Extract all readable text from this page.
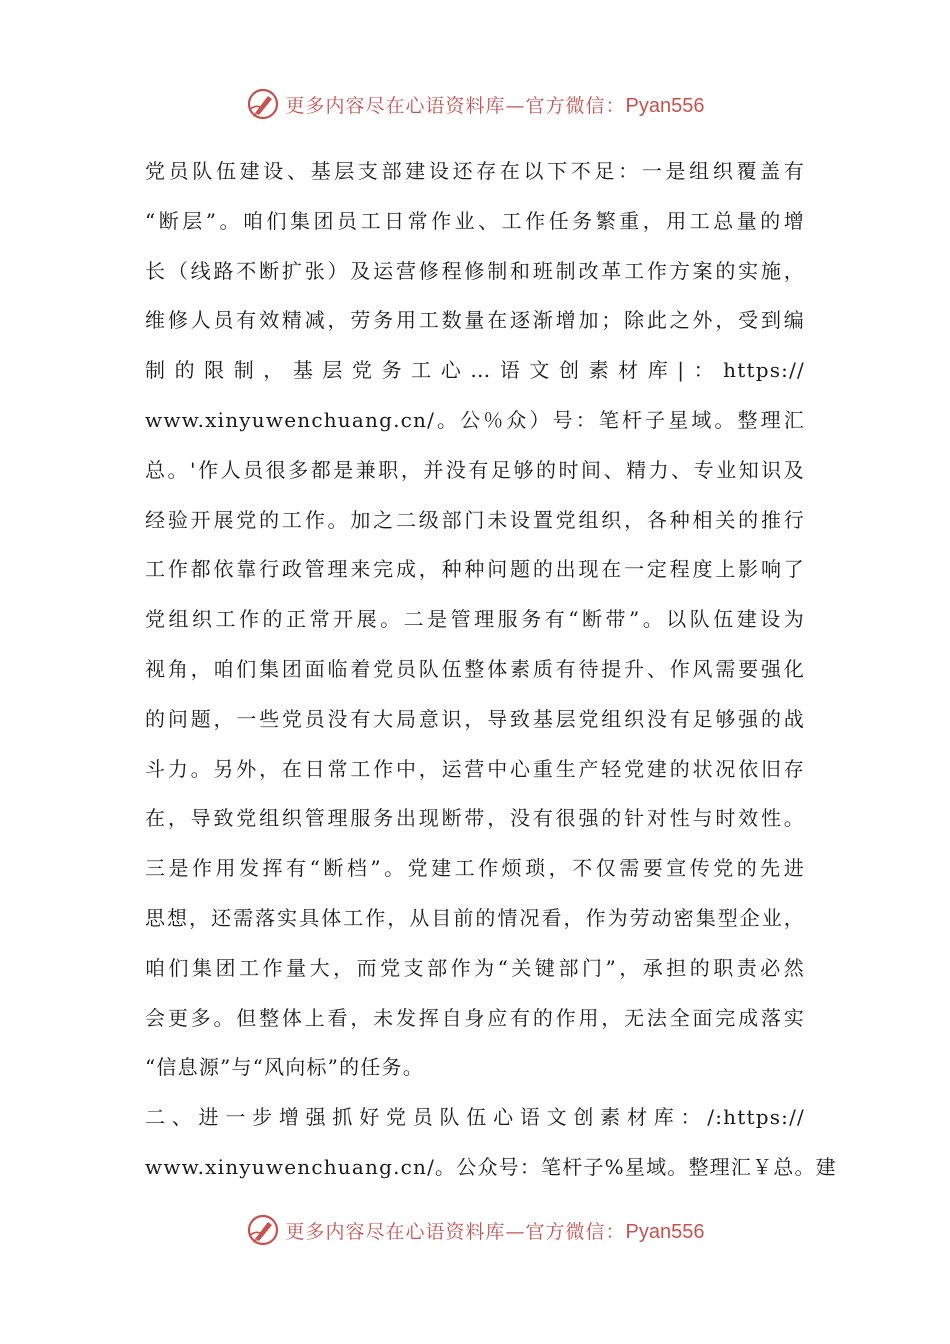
更多内容尽在心语资料库—官方微信：Pyan556
党员队伍建设、基层支部建设还存在以下不足：一是组织覆盖有
“断层”。咱们集团员工日常作业、工作任务繁重，用工总量的增
长（线路不断扩张）及运营修程修制和班制改革工作方案的实施，
维修人员有效精减，劳务用工数量在逐渐增加；除此之外，受到编
制的限制，基层党务工心…语文创素材库|：https://
www.xinyuwenchuang.cn/。公％众）号：笔杆子星域。整理汇
总。'作人员很多都是兼职，并没有足够的时间、精力、专业知识及
经验开展党的工作。加之二级部门未设置党组织，各种相关的推行
工作都依靠行政管理来完成，种种问题的出现在一定程度上影响了
党组织工作的正常开展。二是管理服务有“断带”。以队伍建设为
视角，咱们集团面临着党员队伍整体素质有待提升、作风需要强化
的问题，一些党员没有大局意识，导致基层党组织没有足够强的战
斗力。另外，在日常工作中，运营中心重生产轻党建的状况依旧存
在，导致党组织管理服务出现断带，没有很强的针对性与时效性。
三是作用发挥有“断档”。党建工作烦琐，不仅需要宣传党的先进
思想，还需落实具体工作，从目前的情况看，作为劳动密集型企业，
咱们集团工作量大，而党支部作为“关键部门”，承担的职责必然
会更多。但整体上看，未发挥自身应有的作用，无法全面完成落实
“信息源”与“风向标”的任务。
二、进一步增强抓好党员队伍心语文创素材库：/:https://
www.xinyuwenchuang.cn/。公众号：笔杆子%星域。整理汇￥总。建
更多内容尽在心语资料库—官方微信：Pyan556
